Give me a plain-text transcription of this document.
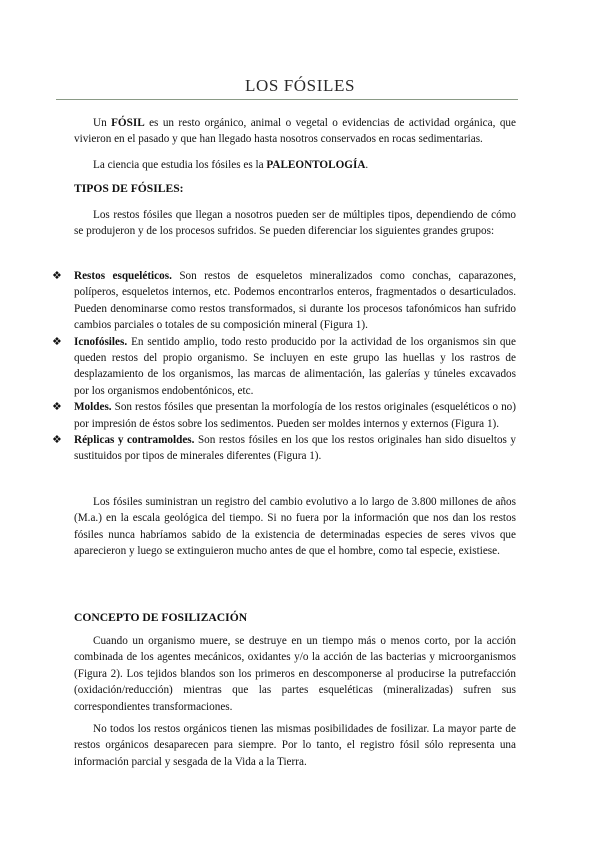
LOS FÓSILES

Un FÓSIL es un resto orgánico, animal o vegetal o evidencias de actividad orgánica, que vivieron en el pasado y que han llegado hasta nosotros conservados en rocas sedimentarias.

La ciencia que estudia los fósiles es la PALEONTOLOGÍA.

TIPOS DE FÓSILES:

Los restos fósiles que llegan a nosotros pueden ser de múltiples tipos, dependiendo de cómo se produjeron y de los procesos sufridos. Se pueden diferenciar los siguientes grandes grupos:

❖ Restos esqueléticos. Son restos de esqueletos mineralizados como conchas, caparazones, políperos, esqueletos internos, etc. Podemos encontrarlos enteros, fragmentados o desarticulados. Pueden denominarse como restos transformados, si durante los procesos tafonómicos han sufrido cambios parciales o totales de su composición mineral (Figura 1).
❖ Icnofósiles. En sentido amplio, todo resto producido por la actividad de los organismos sin que queden restos del propio organismo. Se incluyen en este grupo las huellas y los rastros de desplazamiento de los organismos, las marcas de alimentación, las galerías y túneles excavados por los organismos endobentónicos, etc.
❖ Moldes. Son restos fósiles que presentan la morfología de los restos originales (esqueléticos o no) por impresión de éstos sobre los sedimentos. Pueden ser moldes internos y externos (Figura 1).
❖ Réplicas y contramoldes. Son restos fósiles en los que los restos originales han sido disueltos y sustituidos por tipos de minerales diferentes (Figura 1).

Los fósiles suministran un registro del cambio evolutivo a lo largo de 3.800 millones de años (M.a.) en la escala geológica del tiempo. Si no fuera por la información que nos dan los restos fósiles nunca habríamos sabido de la existencia de determinadas especies de seres vivos que aparecieron y luego se extinguieron mucho antes de que el hombre, como tal especie, existiese.

CONCEPTO DE FOSILIZACIÓN

Cuando un organismo muere, se destruye en un tiempo más o menos corto, por la acción combinada de los agentes mecánicos, oxidantes y/o la acción de las bacterias y microorganismos (Figura 2). Los tejidos blandos son los primeros en descomponerse al producirse la putrefacción (oxidación/reducción) mientras que las partes esqueléticas (mineralizadas) sufren sus correspondientes transformaciones.

No todos los restos orgánicos tienen las mismas posibilidades de fosilizar. La mayor parte de restos orgánicos desaparecen para siempre. Por lo tanto, el registro fósil sólo representa una información parcial y sesgada de la Vida a la Tierra.
